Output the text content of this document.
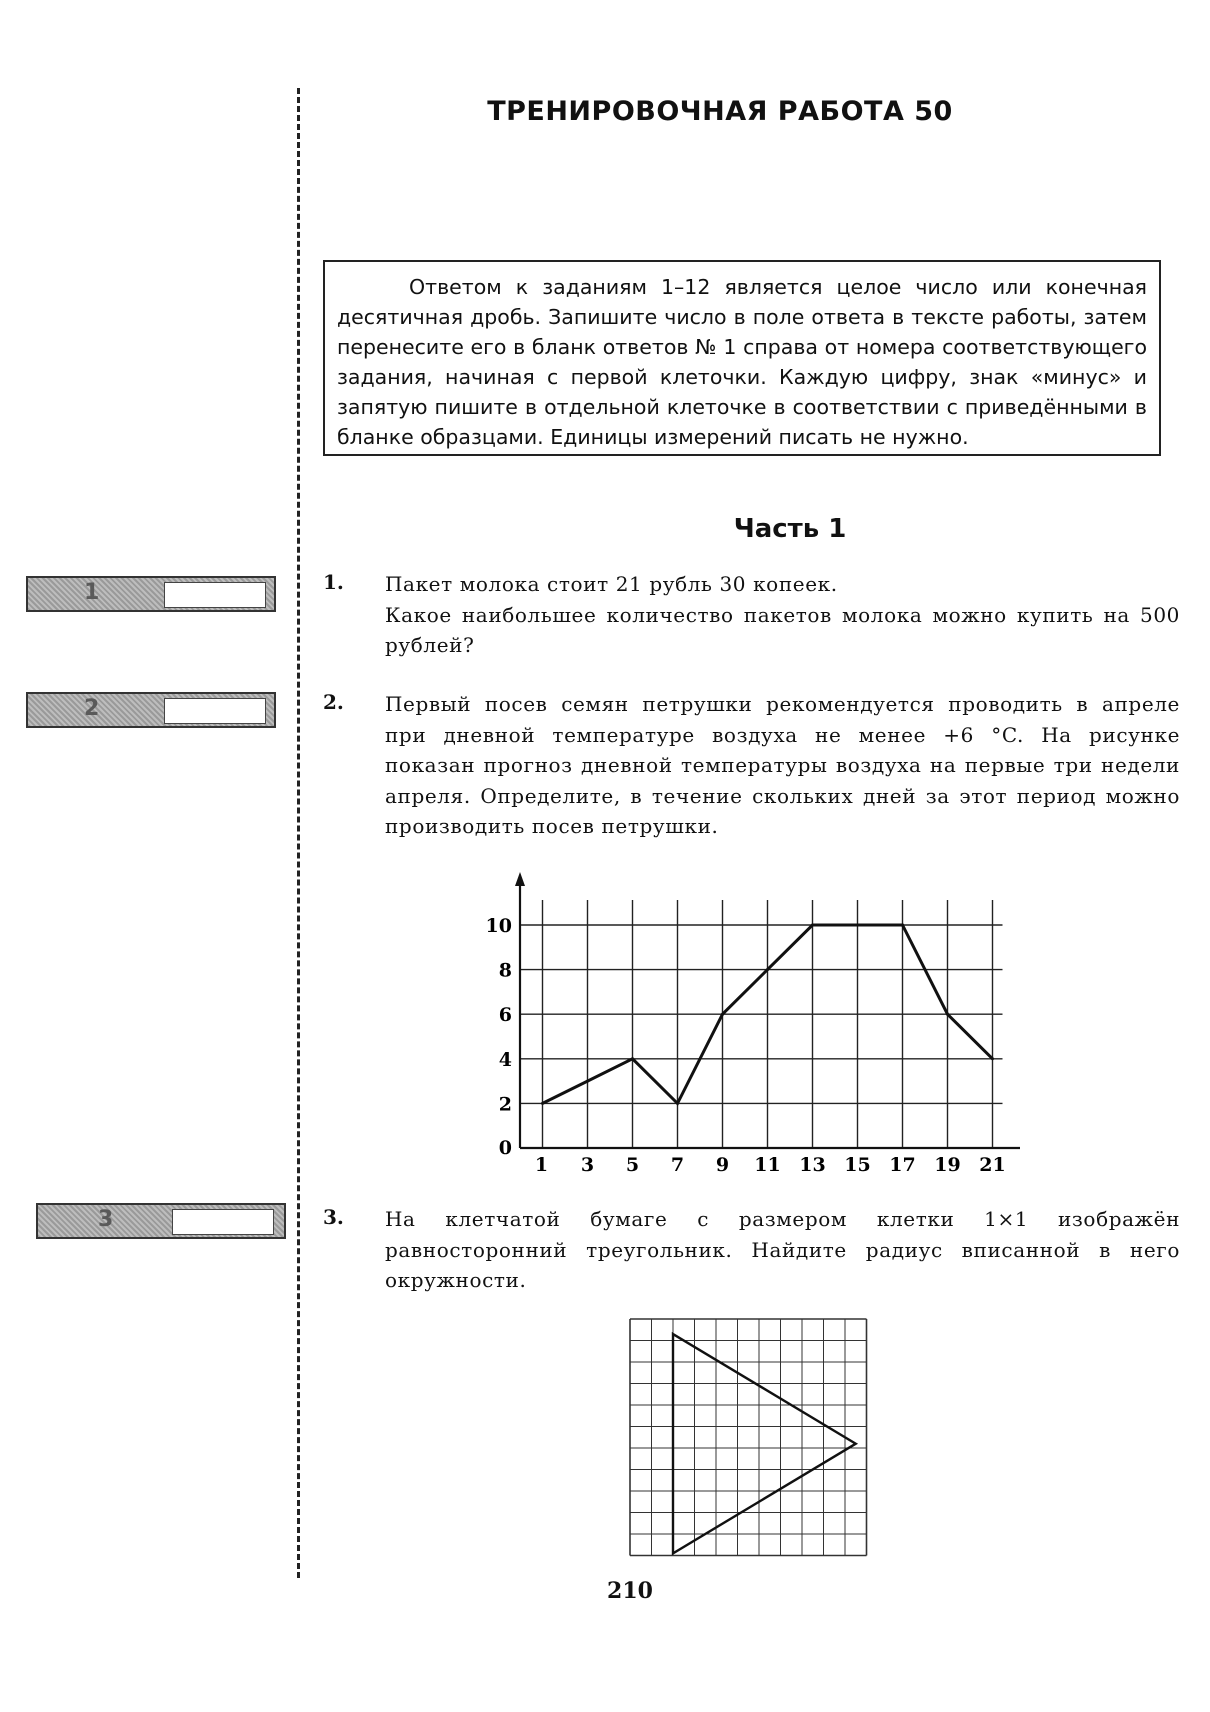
ТРЕНИРОВОЧНАЯ РАБОТА 50
Ответом к заданиям 1–12 является целое число или конечная десятичная дробь. Запишите число в поле ответа в тексте работы, затем перенесите его в бланк ответов № 1 справа от номера соответствующего задания, начиная с первой клеточки. Каждую цифру, знак «минус» и запятую пишите в отдельной клеточке в соответствии с приведёнными в бланке образцами. Единицы измерений писать не нужно.
Часть 1
1
2
3
1. Пакет молока стоит 21 рубль 30 копеек.

Какое наибольшее количество пакетов молока можно купить на 500 рублей?

2. Первый посев семян петрушки рекомендуется проводить в апреле при дневной температуре воздуха не менее +6 °C. На рисунке показан прогноз дневной температуры воздуха на первые три недели апреля. Определите, в течение скольких дней за этот период можно производить посев петрушки.
1 3 5 7 9 11 13 15 17 19 21
0
2
4
6
8
10
3. На клетчатой бумаге с размером клетки 1×1 изображён равносторонний треугольник. Найдите радиус вписанной в него окружности.
210
